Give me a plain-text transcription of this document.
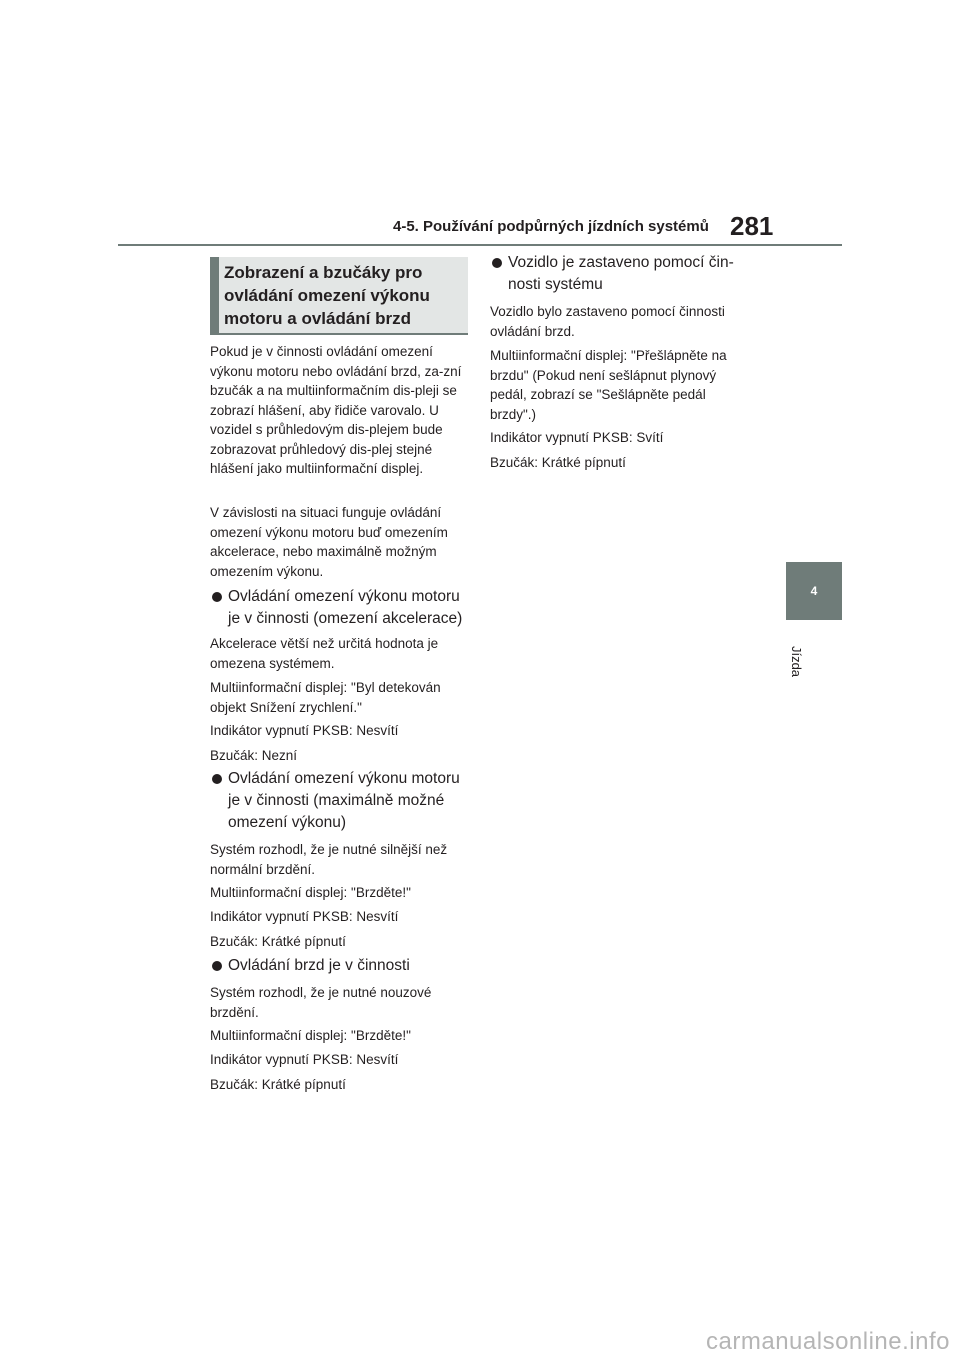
4-5. Používání podpůrných jízdních systémů 281
Zobrazení a bzučáky pro ovládání omezení výkonu motoru a ovládání brzd

Pokud je v činnosti ovládání omezení výkonu motoru nebo ovládání brzd, za-zní bzučák a na multiinformačním dis-pleji se zobrazí hlášení, aby řidiče varovalo. U vozidel s průhledovým dis-plejem bude zobrazovat průhledový dis-plej stejné hlášení jako multiinformační displej.

V závislosti na situaci funguje ovládání omezení výkonu motoru buď omezením akcelerace, nebo maximálně možným omezením výkonu.

Ovládání omezení výkonu motoru je v činnosti (omezení akcelerace)

Akcelerace větší než určitá hodnota je omezena systémem.

Multiinformační displej: "Byl detekován objekt Snížení zrychlení."

Indikátor vypnutí PKSB: Nesvítí

Bzučák: Nezní

Ovládání omezení výkonu motoru je v činnosti (maximálně možné omezení výkonu)

Systém rozhodl, že je nutné silnější než normální brzdění.

Multiinformační displej: "Brzděte!"

Indikátor vypnutí PKSB: Nesvítí

Bzučák: Krátké pípnutí

Ovládání brzd je v činnosti

Systém rozhodl, že je nutné nouzové brzdění.

Multiinformační displej: "Brzděte!"

Indikátor vypnutí PKSB: Nesvítí

Bzučák: Krátké pípnutí

Vozidlo je zastaveno pomocí čin-nosti systému

Vozidlo bylo zastaveno pomocí činnosti ovládání brzd.

Multiinformační displej: "Přešlápněte na brzdu" (Pokud není sešlápnut plynový pedál, zobrazí se "Sešlápněte pedál brzdy".)

Indikátor vypnutí PKSB: Svítí

Bzučák: Krátké pípnutí

4
Jízda
carmanualsonline.info
